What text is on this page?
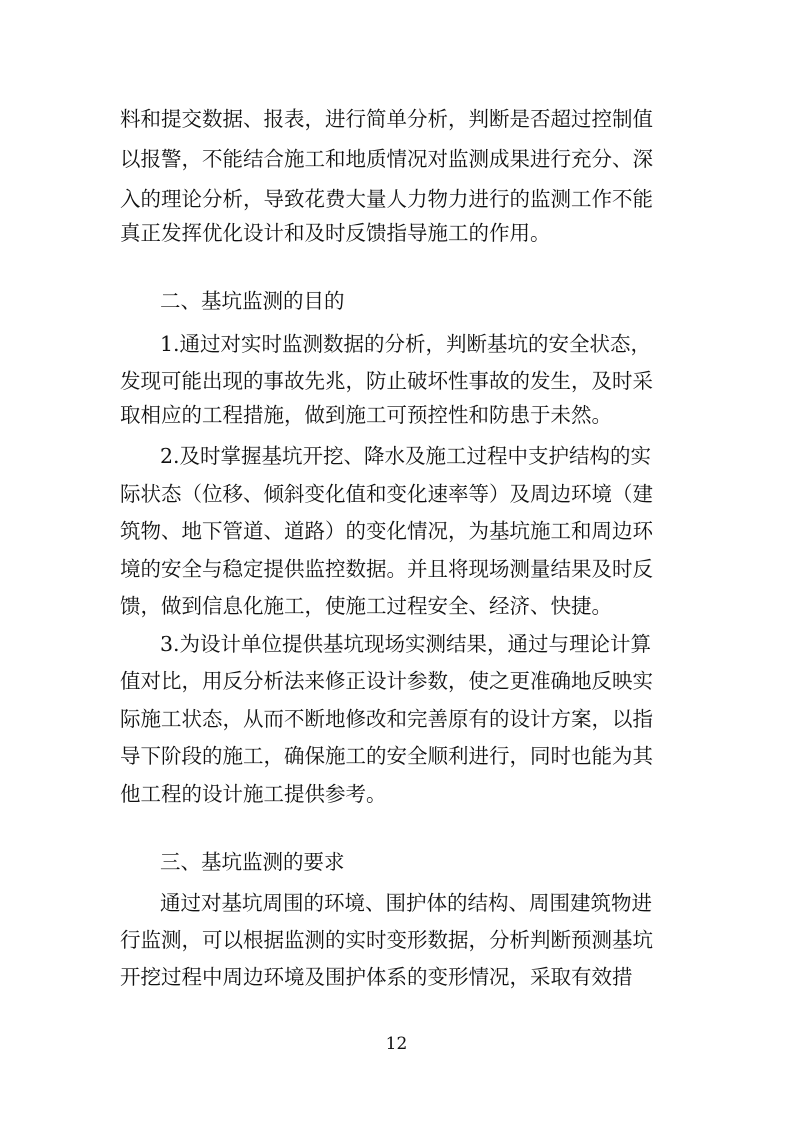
料和提交数据、报表，进行简单分析，判断是否超过控制值
以报警，不能结合施工和地质情况对监测成果进行充分、深
入的理论分析，导致花费大量人力物力进行的监测工作不能
真正发挥优化设计和及时反馈指导施工的作用。
二、基坑监测的目的
1.通过对实时监测数据的分析，判断基坑的安全状态，
发现可能出现的事故先兆，防止破坏性事故的发生，及时采
取相应的工程措施，做到施工可预控性和防患于未然。
2.及时掌握基坑开挖、降水及施工过程中支护结构的实
际状态（位移、倾斜变化值和变化速率等）及周边环境（建
筑物、地下管道、道路）的变化情况，为基坑施工和周边环
境的安全与稳定提供监控数据。并且将现场测量结果及时反
馈，做到信息化施工，使施工过程安全、经济、快捷。
3.为设计单位提供基坑现场实测结果，通过与理论计算
值对比，用反分析法来修正设计参数，使之更准确地反映实
际施工状态，从而不断地修改和完善原有的设计方案，以指
导下阶段的施工，确保施工的安全顺利进行，同时也能为其
他工程的设计施工提供参考。
三、基坑监测的要求
通过对基坑周围的环境、围护体的结构、周围建筑物进
行监测，可以根据监测的实时变形数据，分析判断预测基坑
开挖过程中周边环境及围护体系的变形情况，采取有效措
12
